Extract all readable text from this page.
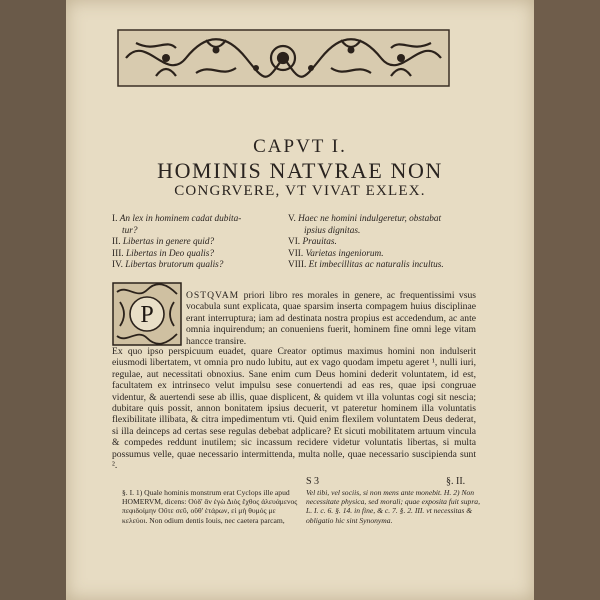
CAPVT I.
HOMINIS NATVRAE NON
CONGRVERE, VT VIVAT EXLEX.
I. An lex in hominem cadat dubita-
tur?
II. Libertas in genere quid?
III. Libertas in Deo qualis?
IV. Libertas brutorum qualis?
V. Haec ne homini indulgeretur, obstabat
ipsius dignitas.
VI. Prauitas.
VII. Varietas ingeniorum.
VIII. Et imbecillitas ac naturalis incultus.
P
OSTQVAM priori libro res morales in genere, ac frequentissimi vsus vocabula sunt explicata, quae sparsim inserta compagem huius disciplinae erant interruptura; iam ad destinata nostra propius est accedendum, ac ante omnia inquirendum; an conueniens fuerit, hominem fine omni lege vitam hancce transire.
Ex quo ipso perspicuum euadet, quare Creator optimus maximus homini non indulserit eiusmodi libertatem, vt omnia pro nudo lubitu, aut ex vago quodam impetu ageret ¹, nulli iuri, regulae, aut necessitati obnoxius. Sane enim cum Deus homini dederit voluntatem, id est, facultatem ex intrinseco velut impulsu sese conuertendi ad eas res, quae ipsi congruae videntur, & auertendi sese ab illis, quae displicent, & quidem vt illa voluntas cogi sit nescia; dubitare quis possit, annon bonitatem ipsius decuerit, vt pateretur hominem illa voluntatis flexibilitate illibata, & citra impedimentum vti. Quid enim flexilem voluntatem Deus dederat, si illa deinceps ad certas sese regulas debebat adplicare? Et sicuti mobilitatem artuum vincula & compedes reddunt inutilem; sic incassum recidere videtur voluntatis libertas, si multa possumus velle, quae necessario intermittenda, multa nolle, quae necessario suscipienda sunt ².
S 3	§. II.
§. I. 1) Quale hominis monstrum erat Cyclops ille apud HOMERVM, dicens: Οὐδ' ἂν ἐγὼ Διὸς ἔχθος ἀλευάμενος πεφιδοίμην Οὔτε σεῦ, οὔθ' ἑτάρων, εἰ μὴ θυμός με κελεύοι. Non odium dentis Iouis, nec caetera parcam,
Vel tibi, vel sociis, si non mens ante monebit. H. 2) Non necessitate physica, sed morali; quae exposita fuit supra, L. I. c. 6. §. 14. in fine, & c. 7. §. 2. III. vt necessitas & obligatio hic sint Synonyma.
